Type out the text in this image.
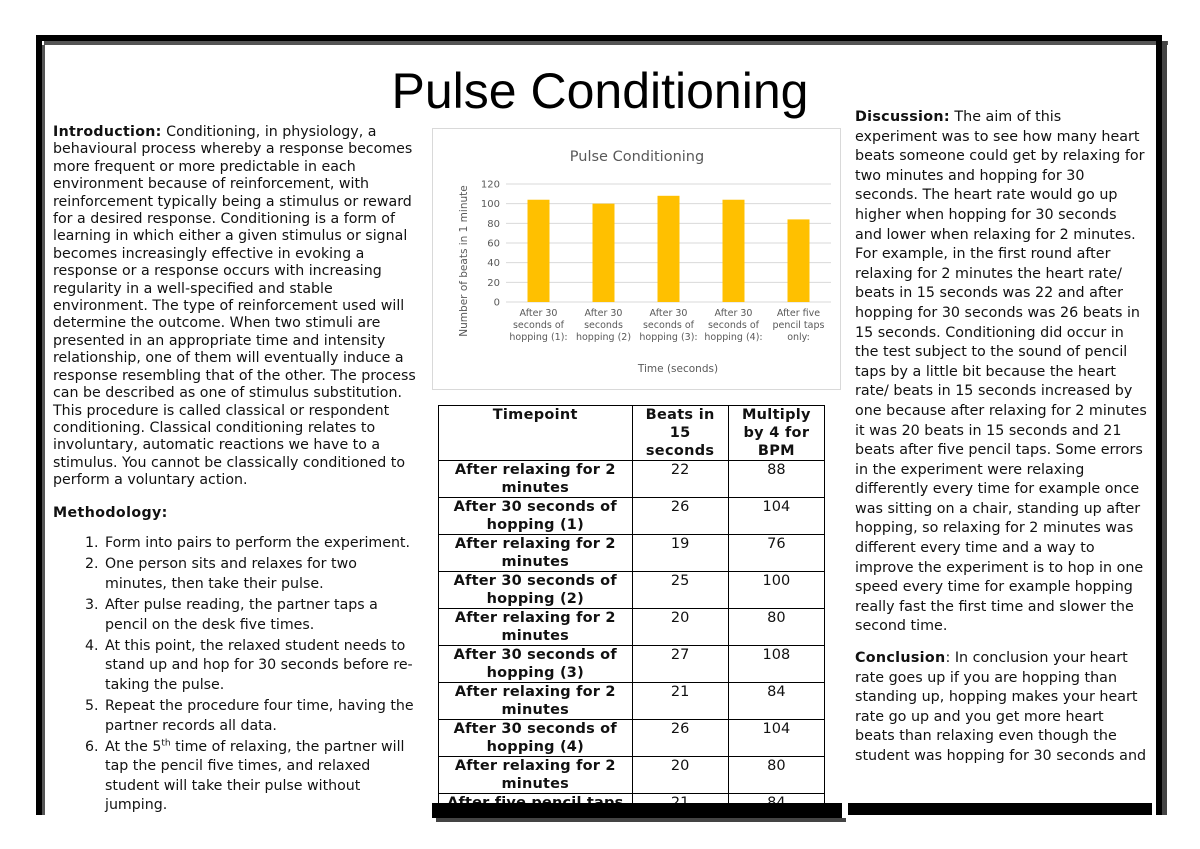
Pulse Conditioning

Introduction: Conditioning, in physiology, a behavioural process whereby a response becomes more frequent or more predictable in each environment because of reinforcement, with reinforcement typically being a stimulus or reward for a desired response. Conditioning is a form of learning in which either a given stimulus or signal becomes increasingly effective in evoking a response or a response occurs with increasing regularity in a well-specified and stable environment. The type of reinforcement used will determine the outcome. When two stimuli are presented in an appropriate time and intensity relationship, one of them will eventually induce a response resembling that of the other. The process can be described as one of stimulus substitution. This procedure is called classical or respondent conditioning. Classical conditioning relates to involuntary, automatic reactions we have to a stimulus. You cannot be classically conditioned to perform a voluntary action.

Methodology:

1. Form into pairs to perform the experiment.
2. One person sits and relaxes for two minutes, then take their pulse.
3. After pulse reading, the partner taps a pencil on the desk five times.
4. At this point, the relaxed student needs to stand up and hop for 30 seconds before re-taking the pulse.
5. Repeat the procedure four time, having the partner records all data.
6. At the 5th time of relaxing, the partner will tap the pencil five times, and relaxed student will take their pulse without jumping.
Pulse Conditioning
0
20
40
60
80
100
120
After 30
seconds of
hopping (1):
After 30
seconds
hopping (2)
After 30
seconds of
hopping (3):
After 30
seconds of
hopping (4):
After five
pencil taps
only:
Time (seconds)
Number of beats in 1 minute
Timepoint	Beats in 15 seconds	Multiply by 4 for BPM
After relaxing for 2 minutes	22	88
After 30 seconds of hopping (1)	26	104
After relaxing for 2 minutes	19	76
After 30 seconds of hopping (2)	25	100
After relaxing for 2 minutes	20	80
After 30 seconds of hopping (3)	27	108
After relaxing for 2 minutes	21	84
After 30 seconds of hopping (4)	26	104
After relaxing for 2 minutes	20	80

Discussion: The aim of this experiment was to see how many heart beats someone could get by relaxing for two minutes and hopping for 30 seconds. The heart rate would go up higher when hopping for 30 seconds and lower when relaxing for 2 minutes. For example, in the first round after relaxing for 2 minutes the heart rate/ beats in 15 seconds was 22 and after hopping for 30 seconds was 26 beats in 15 seconds. Conditioning did occur in the test subject to the sound of pencil taps by a little bit because the heart rate/ beats in 15 seconds increased by one because after relaxing for 2 minutes it was 20 beats in 15 seconds and 21 beats after five pencil taps. Some errors in the experiment were relaxing differently every time for example once was sitting on a chair, standing up after hopping, so relaxing for 2 minutes was different every time and a way to improve the experiment is to hop in one speed every time for example hopping really fast the first time and slower the second time.

Conclusion: In conclusion your heart rate goes up if you are hopping than standing up, hopping makes your heart rate go up and you get more heart beats than relaxing even though the student was hopping for 30 seconds and
